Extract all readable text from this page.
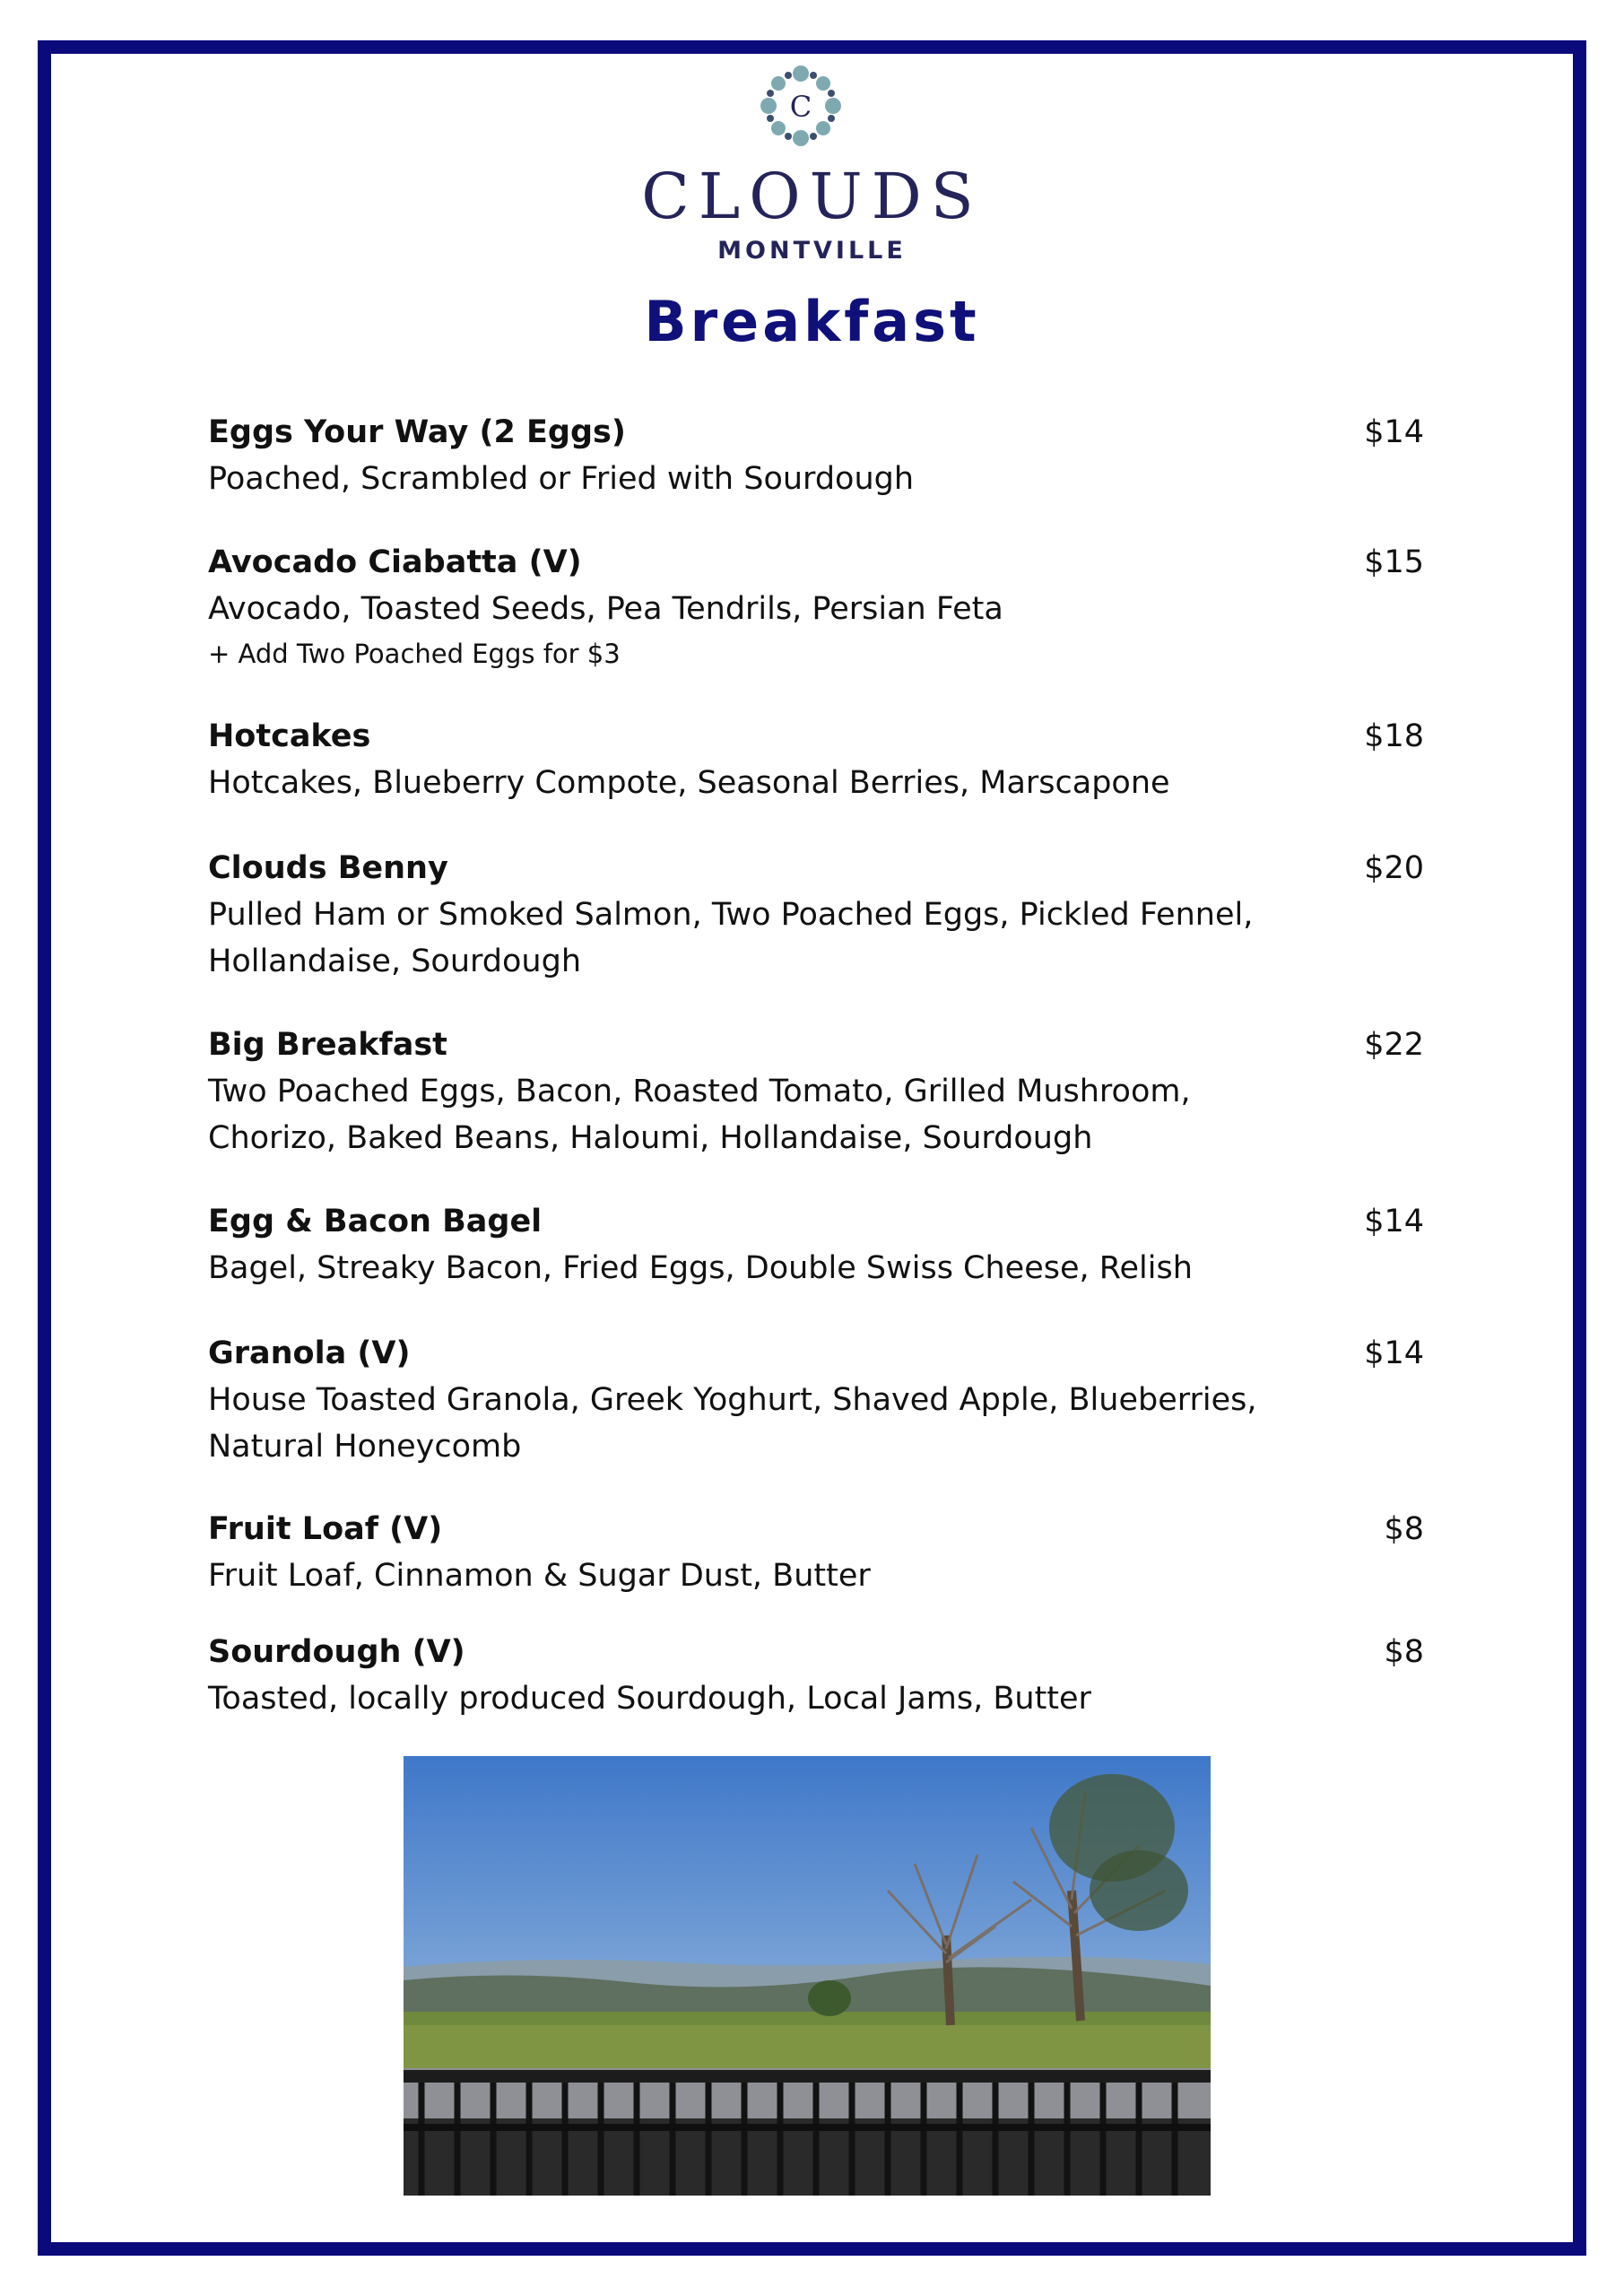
C
CLOUDS
MONTVILLE
Breakfast
Eggs Your Way (2 Eggs)	$14
Poached, Scrambled or Fried with Sourdough
Avocado Ciabatta (V)	$15
Avocado, Toasted Seeds, Pea Tendrils, Persian Feta
+ Add Two Poached Eggs for $3
Hotcakes	$18
Hotcakes, Blueberry Compote, Seasonal Berries, Marscapone
Clouds Benny	$20
Pulled Ham or Smoked Salmon, Two Poached Eggs, Pickled Fennel,
Hollandaise, Sourdough
Big Breakfast	$22
Two Poached Eggs, Bacon, Roasted Tomato, Grilled Mushroom,
Chorizo, Baked Beans, Haloumi, Hollandaise, Sourdough
Egg & Bacon Bagel	$14
Bagel, Streaky Bacon, Fried Eggs, Double Swiss Cheese, Relish
Granola (V)	$14
House Toasted Granola, Greek Yoghurt, Shaved Apple, Blueberries,
Natural Honeycomb
Fruit Loaf (V)	$8
Fruit Loaf, Cinnamon & Sugar Dust, Butter
Sourdough (V)	$8
Toasted, locally produced Sourdough, Local Jams, Butter
